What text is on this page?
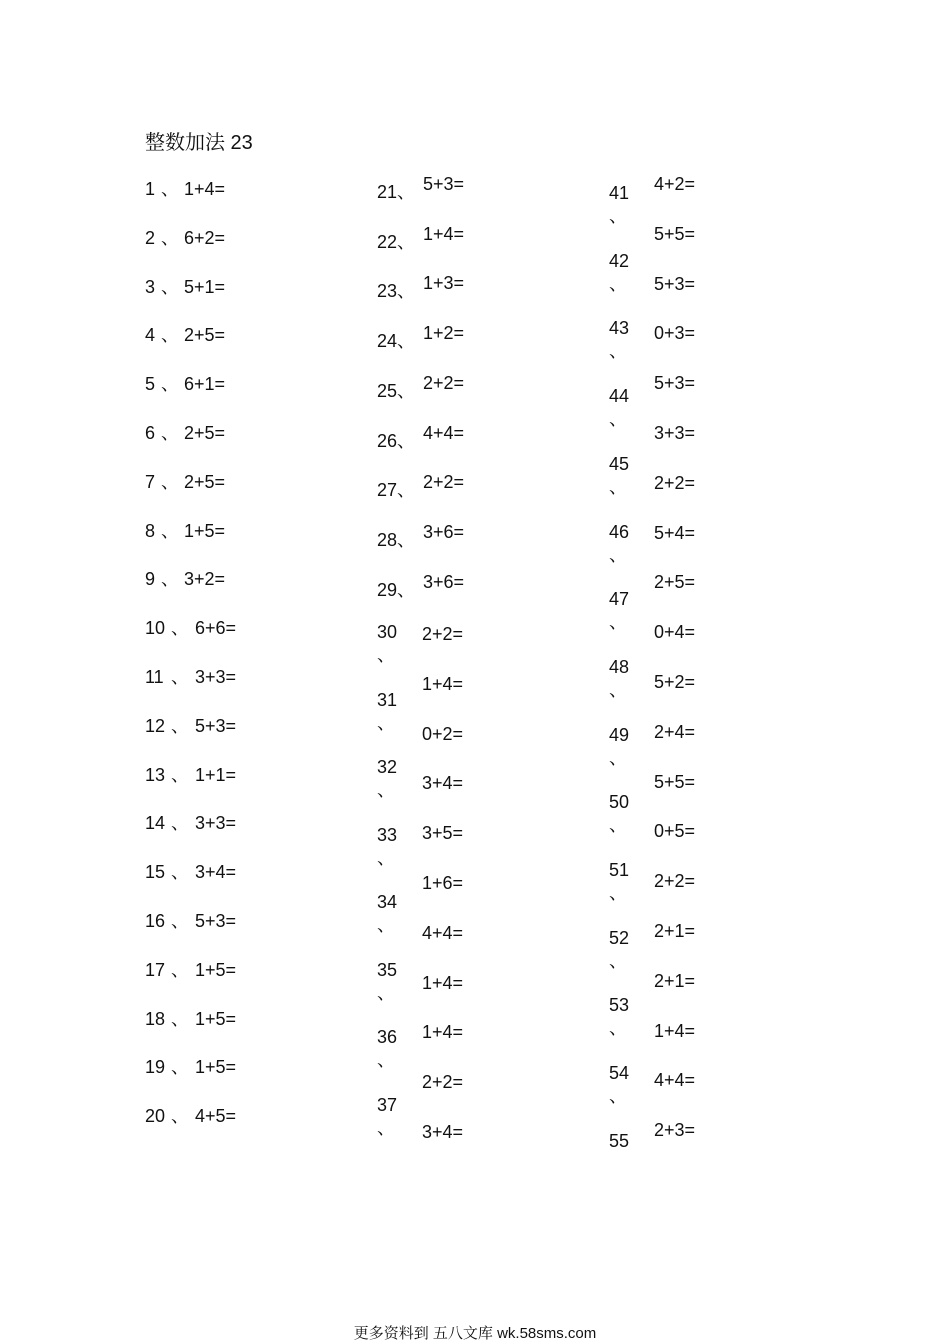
整数加法 23
1 、 1+4=
2 、 6+2=
3 、 5+1=
4 、 2+5=
5 、 6+1=
6 、 2+5=
7 、 2+5=
8 、 1+5=
9 、 3+2=
10 、 6+6=
11 、 3+3=
12 、 5+3=
13 、 1+1=
14 、 3+3=
15 、 3+4=
16 、 5+3=
17 、 1+5=
18 、 1+5=
19 、 1+5=
20 、 4+5=
21 、 5+3=
22 、 1+4=
23 、 1+3=
24 、 1+2=
25 、 2+2=
26 、 4+4=
27 、 2+2=
28 、 3+6=
29 、 3+6=
30
、
31
、
32
、
33
、
34
、
35
、
36
、
37
、
2+2=
1+4=
0+2=
3+4=
3+5=
1+6=
4+4=
1+4=
1+4=
2+2=
3+4=
41
、
42
、
43
、
44
、
45
、
46
、
47
、
48
、
49
、
50
、
51
、
52
、
53
、
54
、
55
4+2=
5+5=
5+3=
0+3=
5+3=
3+3=
2+2=
5+4=
2+5=
0+4=
5+2=
2+4=
5+5=
0+5=
2+2=
2+1=
2+1=
1+4=
4+4=
2+3=
更多资料到 五八文库 wk.58sms.com
